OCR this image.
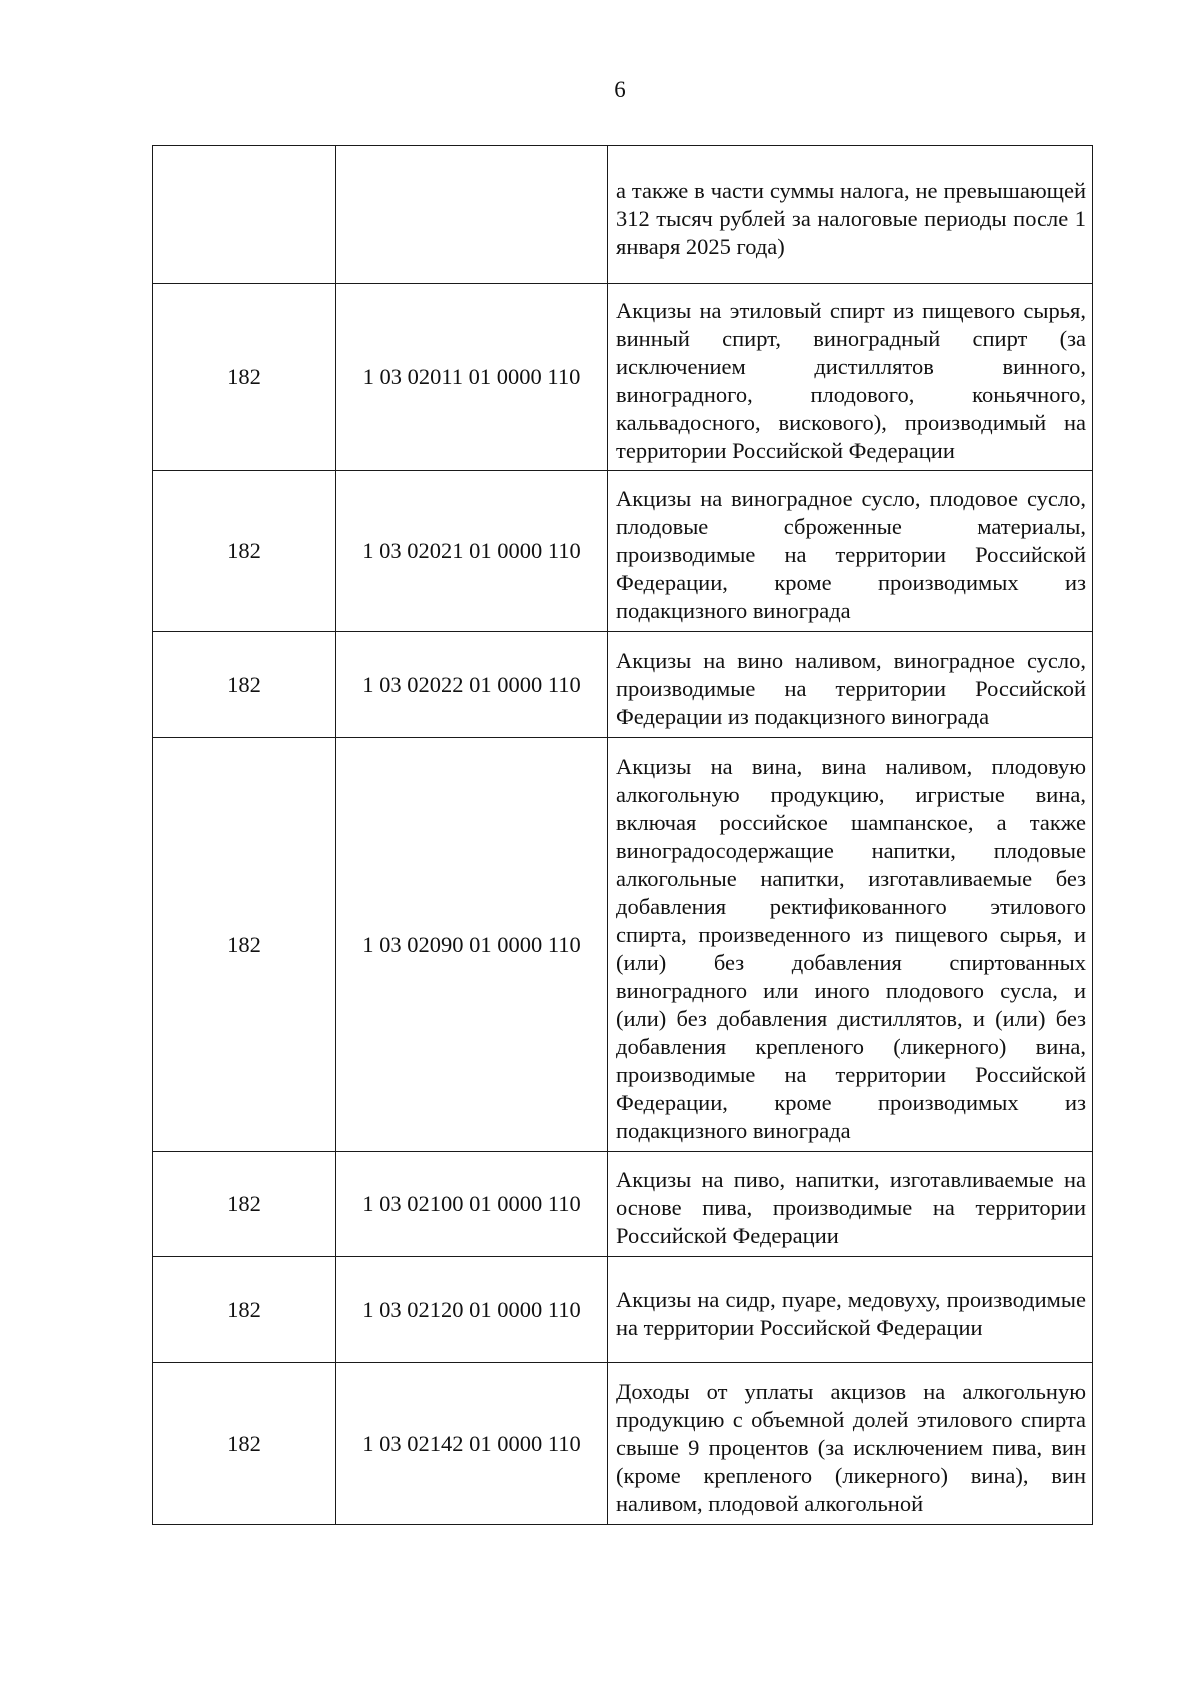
6

		а также в части суммы налога, не превышающей 312 тысяч рублей за налоговые периоды после 1 января 2025 года)

182	1 03 02011 01 0000 110	Акцизы на этиловый спирт из пищевого сырья, винный спирт, виноградный спирт (за исключением дистиллятов винного, виноградного, плодового, коньячного, кальвадосного, вискового), производимый на территории Российской Федерации

182	1 03 02021 01 0000 110	Акцизы на виноградное сусло, плодовое сусло, плодовые сброженные материалы, производимые на территории Российской Федерации, кроме производимых из подакцизного винограда

182	1 03 02022 01 0000 110	Акцизы на вино наливом, виноградное сусло, производимые на территории Российской Федерации из подакцизного винограда

182	1 03 02090 01 0000 110	Акцизы на вина, вина наливом, плодовую алкогольную продукцию, игристые вина, включая российское шампанское, а также виноградосодержащие напитки, плодовые алкогольные напитки, изготавливаемые без добавления ректификованного этилового спирта, произведенного из пищевого сырья, и (или) без добавления спиртованных виноградного или иного плодового сусла, и (или) без добавления дистиллятов, и (или) без добавления крепленого (ликерного) вина, производимые на территории Российской Федерации, кроме производимых из подакцизного винограда

182	1 03 02100 01 0000 110	Акцизы на пиво, напитки, изготавливаемые на основе пива, производимые на территории Российской Федерации

182	1 03 02120 01 0000 110	Акцизы на сидр, пуаре, медовуху, производимые на территории Российской Федерации

182	1 03 02142 01 0000 110	Доходы от уплаты акцизов на алкогольную продукцию с объемной долей этилового спирта свыше 9 процентов (за исключением пива, вин (кроме крепленого (ликерного) вина), вин наливом, плодовой алкогольной
